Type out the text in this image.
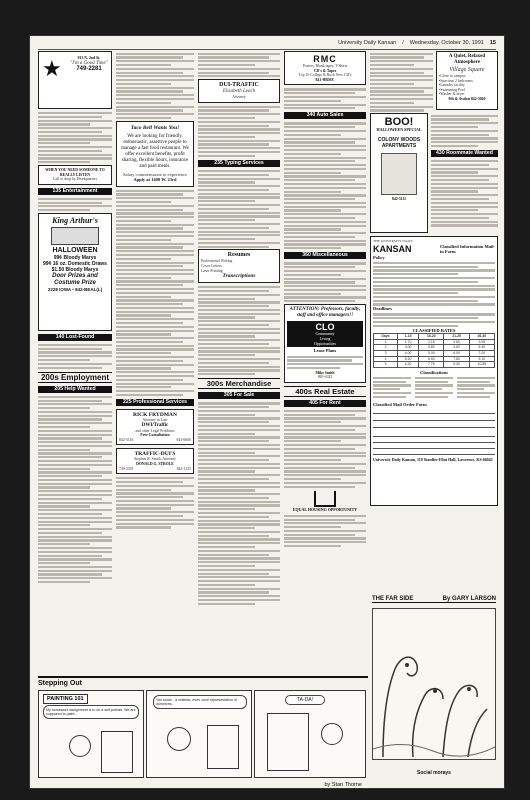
University Daily Kansan / Wednesday, October 30, 1991 15
★	913 N. 2nd St.
"I'm a Good Time"
749-2281
WHEN YOU NEED SOMEONE TO REALLY LISTEN
Call or drop by Headquarters
135 Entertainment
King Arthur's
HALLOWEEN
99¢ Bloody Marys
99¢ 16 oz. Domestic Draws
$1.50 Bloody Marys
Door Prizes and Costume Prize
2228 IOWA • 842-BEAL(L)
140 Lost-Found
200s Employment
205 Help Wanted
Taco Bell Wants You!
We are looking for friendly, enthusiastic, assertive people to manage a fast food restaurant. We offer excellent benefits, profit sharing, flexible hours, insurance and paid meals.
Salary commensurate to experience
Apply at 1408 W. 23rd
225 Professional Services
RICK FRYDMAN
Attorney at Law
DWI/Traffic
and other Legal Problems
Free Consultation
842-5116	843-6600
TRAFFIC-DUI'S
Stephen R. Smith, Attorney
DONALD G. STROLE
749-2301	843-1125
DUI-TRAFFIC
Elizabeth Leach
Attorney
235 Typing Services
Resumes
Professional Writing
Cover Letters
Laser Printing
Transcriptions
300s Merchandise
305 For Sale
RMC
Posters, Blank tapes, T-Shirts
CD's & Tapes
Top 10 College & Rock New CD's
841-HRMC
340 Auto Sales
360 Miscellaneous
ATTENTION: Professors, faculty, staff and office managers!!
CLO
Community
Living
Opportunities
Lease Plans
Mike Smith
865-6325
400s Real Estate
405 For Rent
EQUAL HOUSING OPPORTUNITY
A Quiet, Relaxed Atmosphere
Village Square
•Close to campus
•Spacious 2 bedrooms
•Laundry facility
•Swimming Pool
•Washer & dryer
9th & Avalon 842-3040
BOO!
HALLOWEEN SPECIAL
COLONY WOODS APARTMENTS
842-5111
430 Roommate Wanted
THE UNIVERSITY DAILY
KANSAN	Classified Information Mail-in Form
Policy
Deadlines
CLASSIFIED RATES
Days	1-15	16-20	21-25	26-30
1	1.70	2.15	2.60	3.05
2	3.00	3.80	4.60	5.40
3	4.00	5.00	6.00	7.00
4	5.20	6.50	7.80	9.10
5	6.20	7.75	9.30	10.85
Classifications
Classified Mail Order Form
University Daily Kansan, 119 Stauffer-Flint Hall, Lawrence, KS 66045
Stepping Out
PAINTING 101
My homework assignment is to do a self portrait. We are supposed to paint...
You know... a realistic, even cruel representation of ourselves...
TA-DA!
by Stan Thorne
THE FAR SIDE	By GARY LARSON
Social morays
